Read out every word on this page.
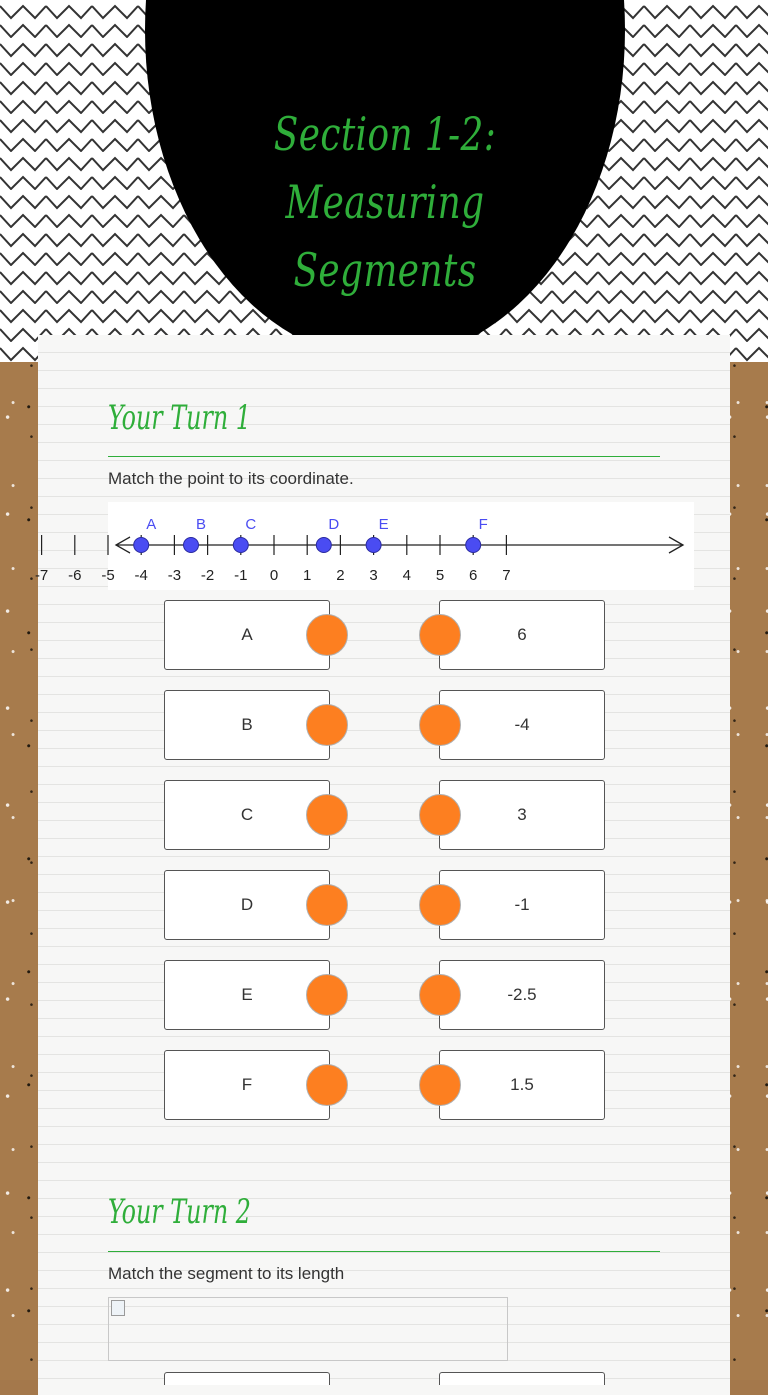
Section 1-2:
Measuring Segments
Your Turn 1
Match the point to its coordinate.
-7 -6 -5 -4 -3 -2 -1 0 1 2 3 4 5 6 7
A	B	C	D	E	F
A	6
B	-4
C	3
D	-1
E	-2.5
F	1.5
Your Turn 2
Match the segment to its length
